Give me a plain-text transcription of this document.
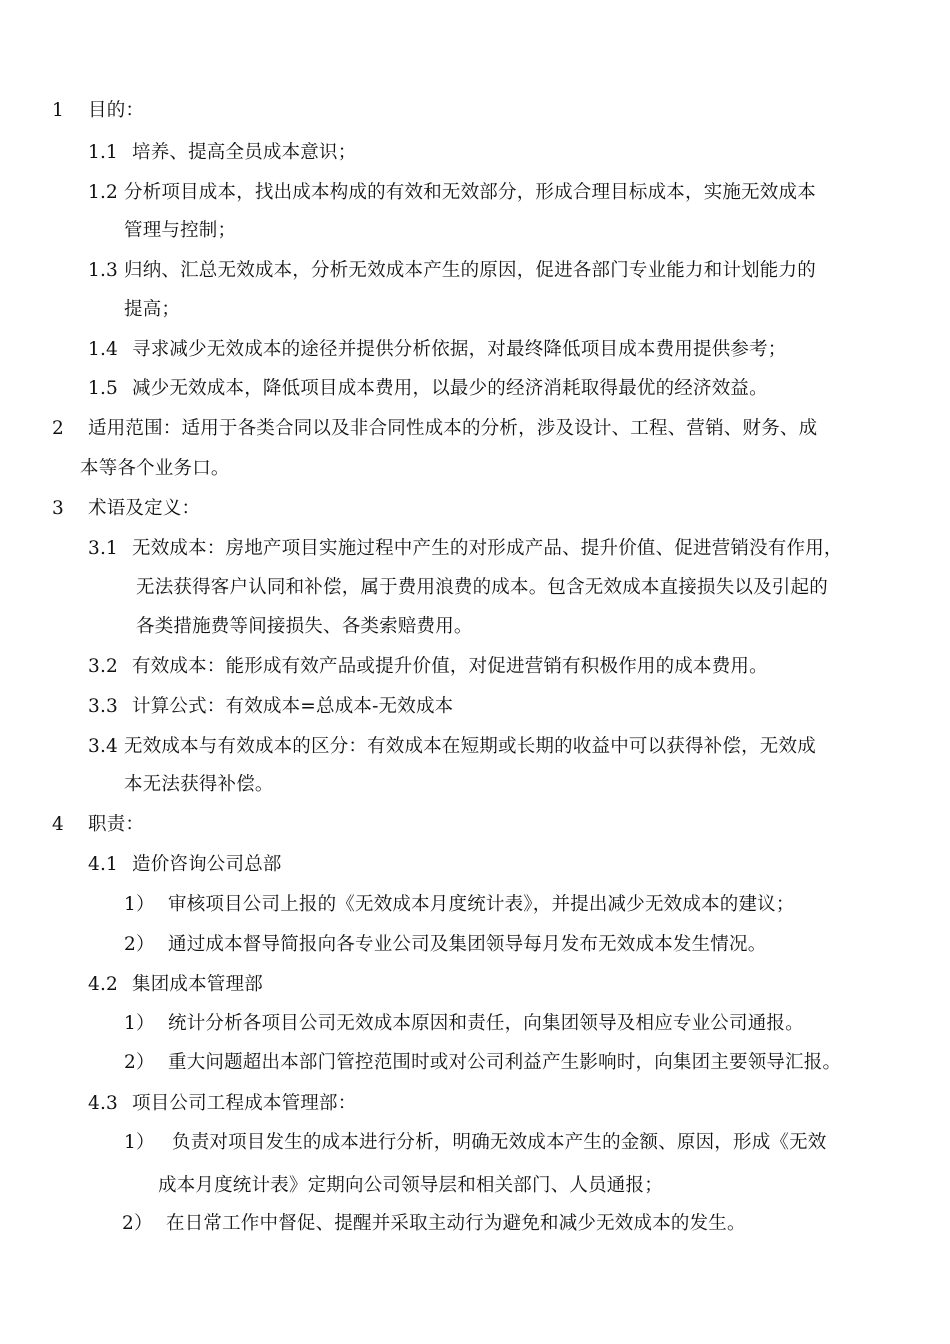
1 目的：
1.1 培养、提高全员成本意识；
1.2 分析项目成本，找出成本构成的有效和无效部分，形成合理目标成本，实施无效成本
管理与控制；
1.3 归纳、汇总无效成本，分析无效成本产生的原因，促进各部门专业能力和计划能力的
提高；
1.4 寻求减少无效成本的途径并提供分析依据，对最终降低项目成本费用提供参考；
1.5 减少无效成本，降低项目成本费用，以最少的经济消耗取得最优的经济效益。
2 适用范围：适用于各类合同以及非合同性成本的分析，涉及设计、工程、营销、财务、成
本等各个业务口。
3 术语及定义：
3.1 无效成本：房地产项目实施过程中产生的对形成产品、提升价值、促进营销没有作用，
无法获得客户认同和补偿，属于费用浪费的成本。包含无效成本直接损失以及引起的
各类措施费等间接损失、各类索赔费用。
3.2 有效成本：能形成有效产品或提升价值，对促进营销有积极作用的成本费用。
3.3 计算公式：有效成本=总成本-无效成本
3.4 无效成本与有效成本的区分：有效成本在短期或长期的收益中可以获得补偿，无效成
本无法获得补偿。
4 职责：
4.1 造价咨询公司总部
1） 审核项目公司上报的《无效成本月度统计表》，并提出减少无效成本的建议；
2） 通过成本督导简报向各专业公司及集团领导每月发布无效成本发生情况。
4.2 集团成本管理部
1） 统计分析各项目公司无效成本原因和责任，向集团领导及相应专业公司通报。
2） 重大问题超出本部门管控范围时或对公司利益产生影响时，向集团主要领导汇报。
4.3 项目公司工程成本管理部：
1） 负责对项目发生的成本进行分析，明确无效成本产生的金额、原因，形成《无效
成本月度统计表》定期向公司领导层和相关部门、人员通报；
2） 在日常工作中督促、提醒并采取主动行为避免和减少无效成本的发生。
